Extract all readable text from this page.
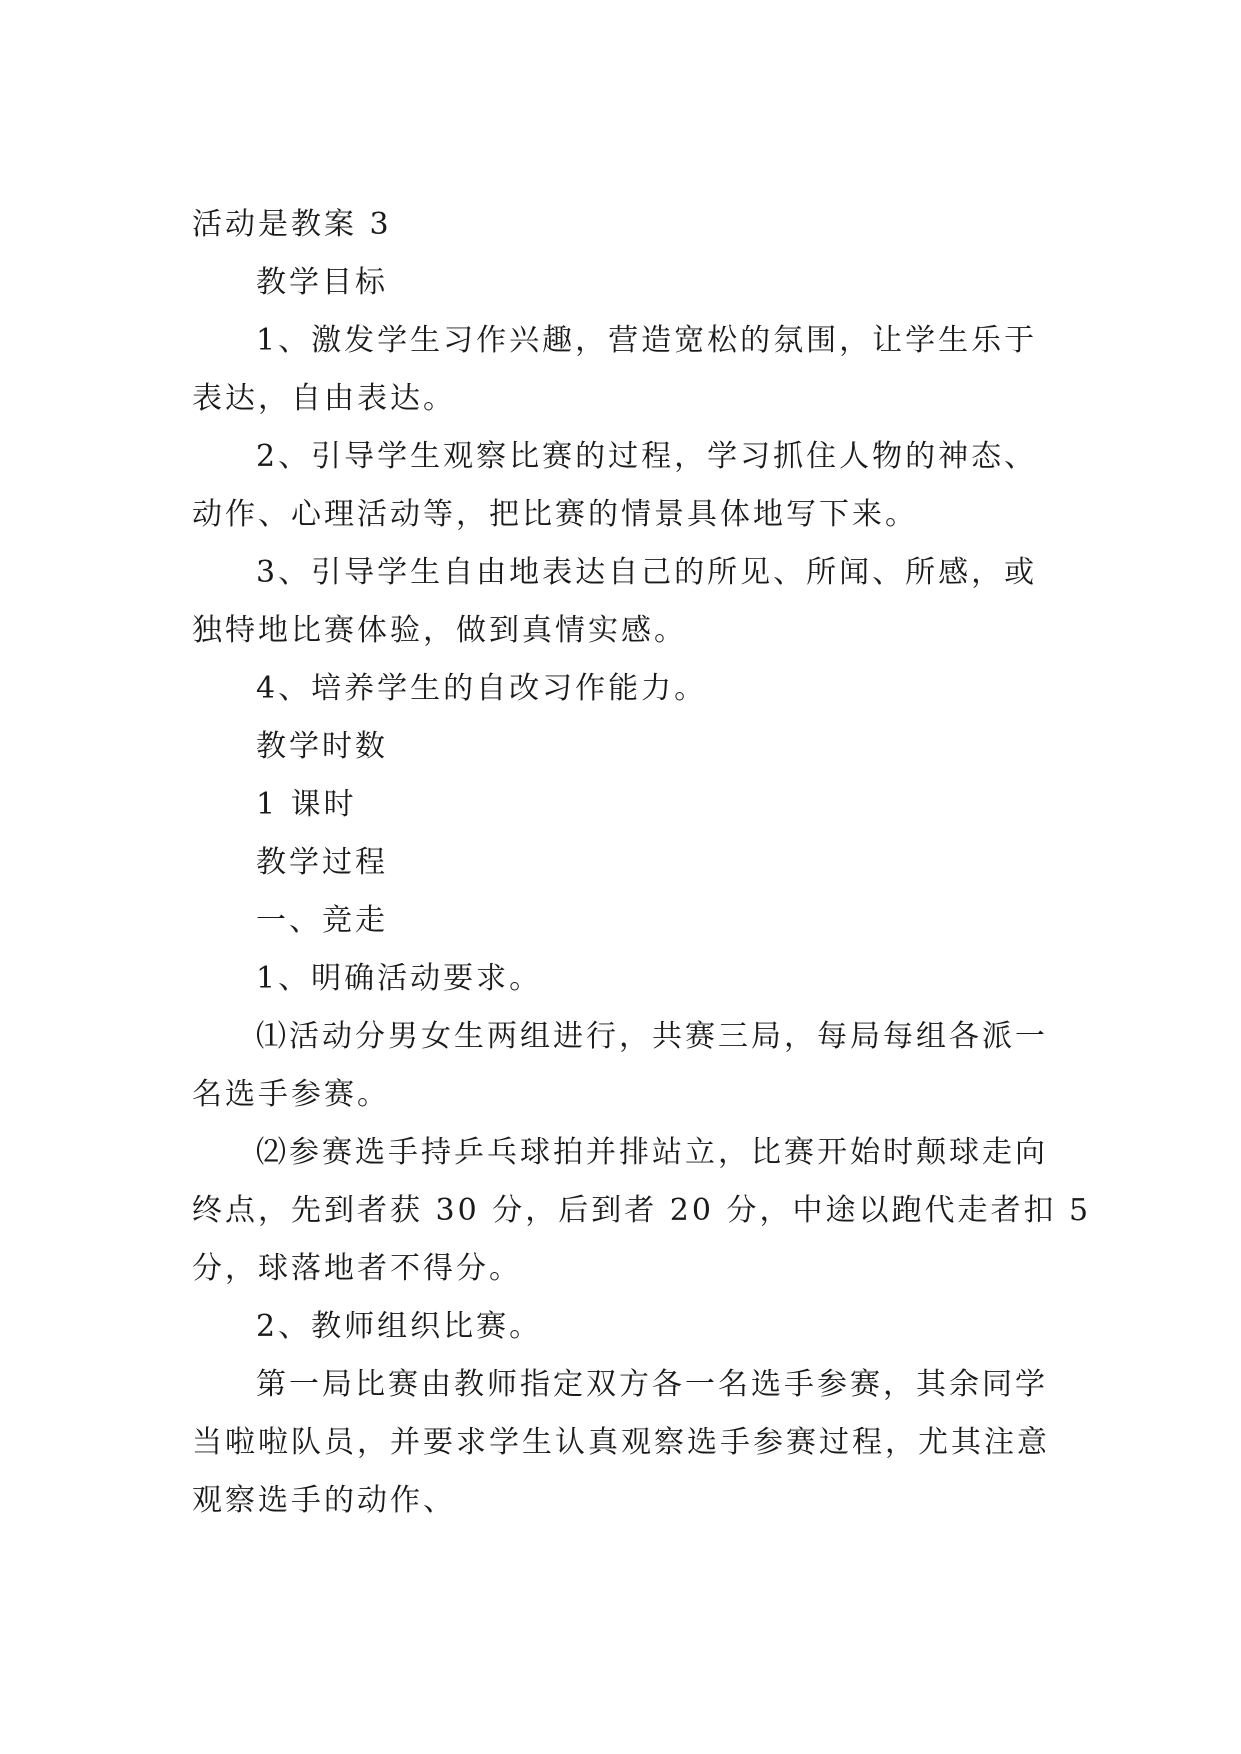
活动是教案 3
教学目标
1、激发学生习作兴趣，营造宽松的氛围，让学生乐于
表达，自由表达。
2、引导学生观察比赛的过程，学习抓住人物的神态、
动作、心理活动等，把比赛的情景具体地写下来。
3、引导学生自由地表达自己的所见、所闻、所感，或
独特地比赛体验，做到真情实感。
4、培养学生的自改习作能力。
教学时数
1 课时
教学过程
一、竞走
1、明确活动要求。
⑴活动分男女生两组进行，共赛三局，每局每组各派一
名选手参赛。
⑵参赛选手持乒乓球拍并排站立，比赛开始时颠球走向
终点，先到者获 30 分，后到者 20 分，中途以跑代走者扣 5
分，球落地者不得分。
2、教师组织比赛。
第一局比赛由教师指定双方各一名选手参赛，其余同学
当啦啦队员，并要求学生认真观察选手参赛过程，尤其注意
观察选手的动作、
